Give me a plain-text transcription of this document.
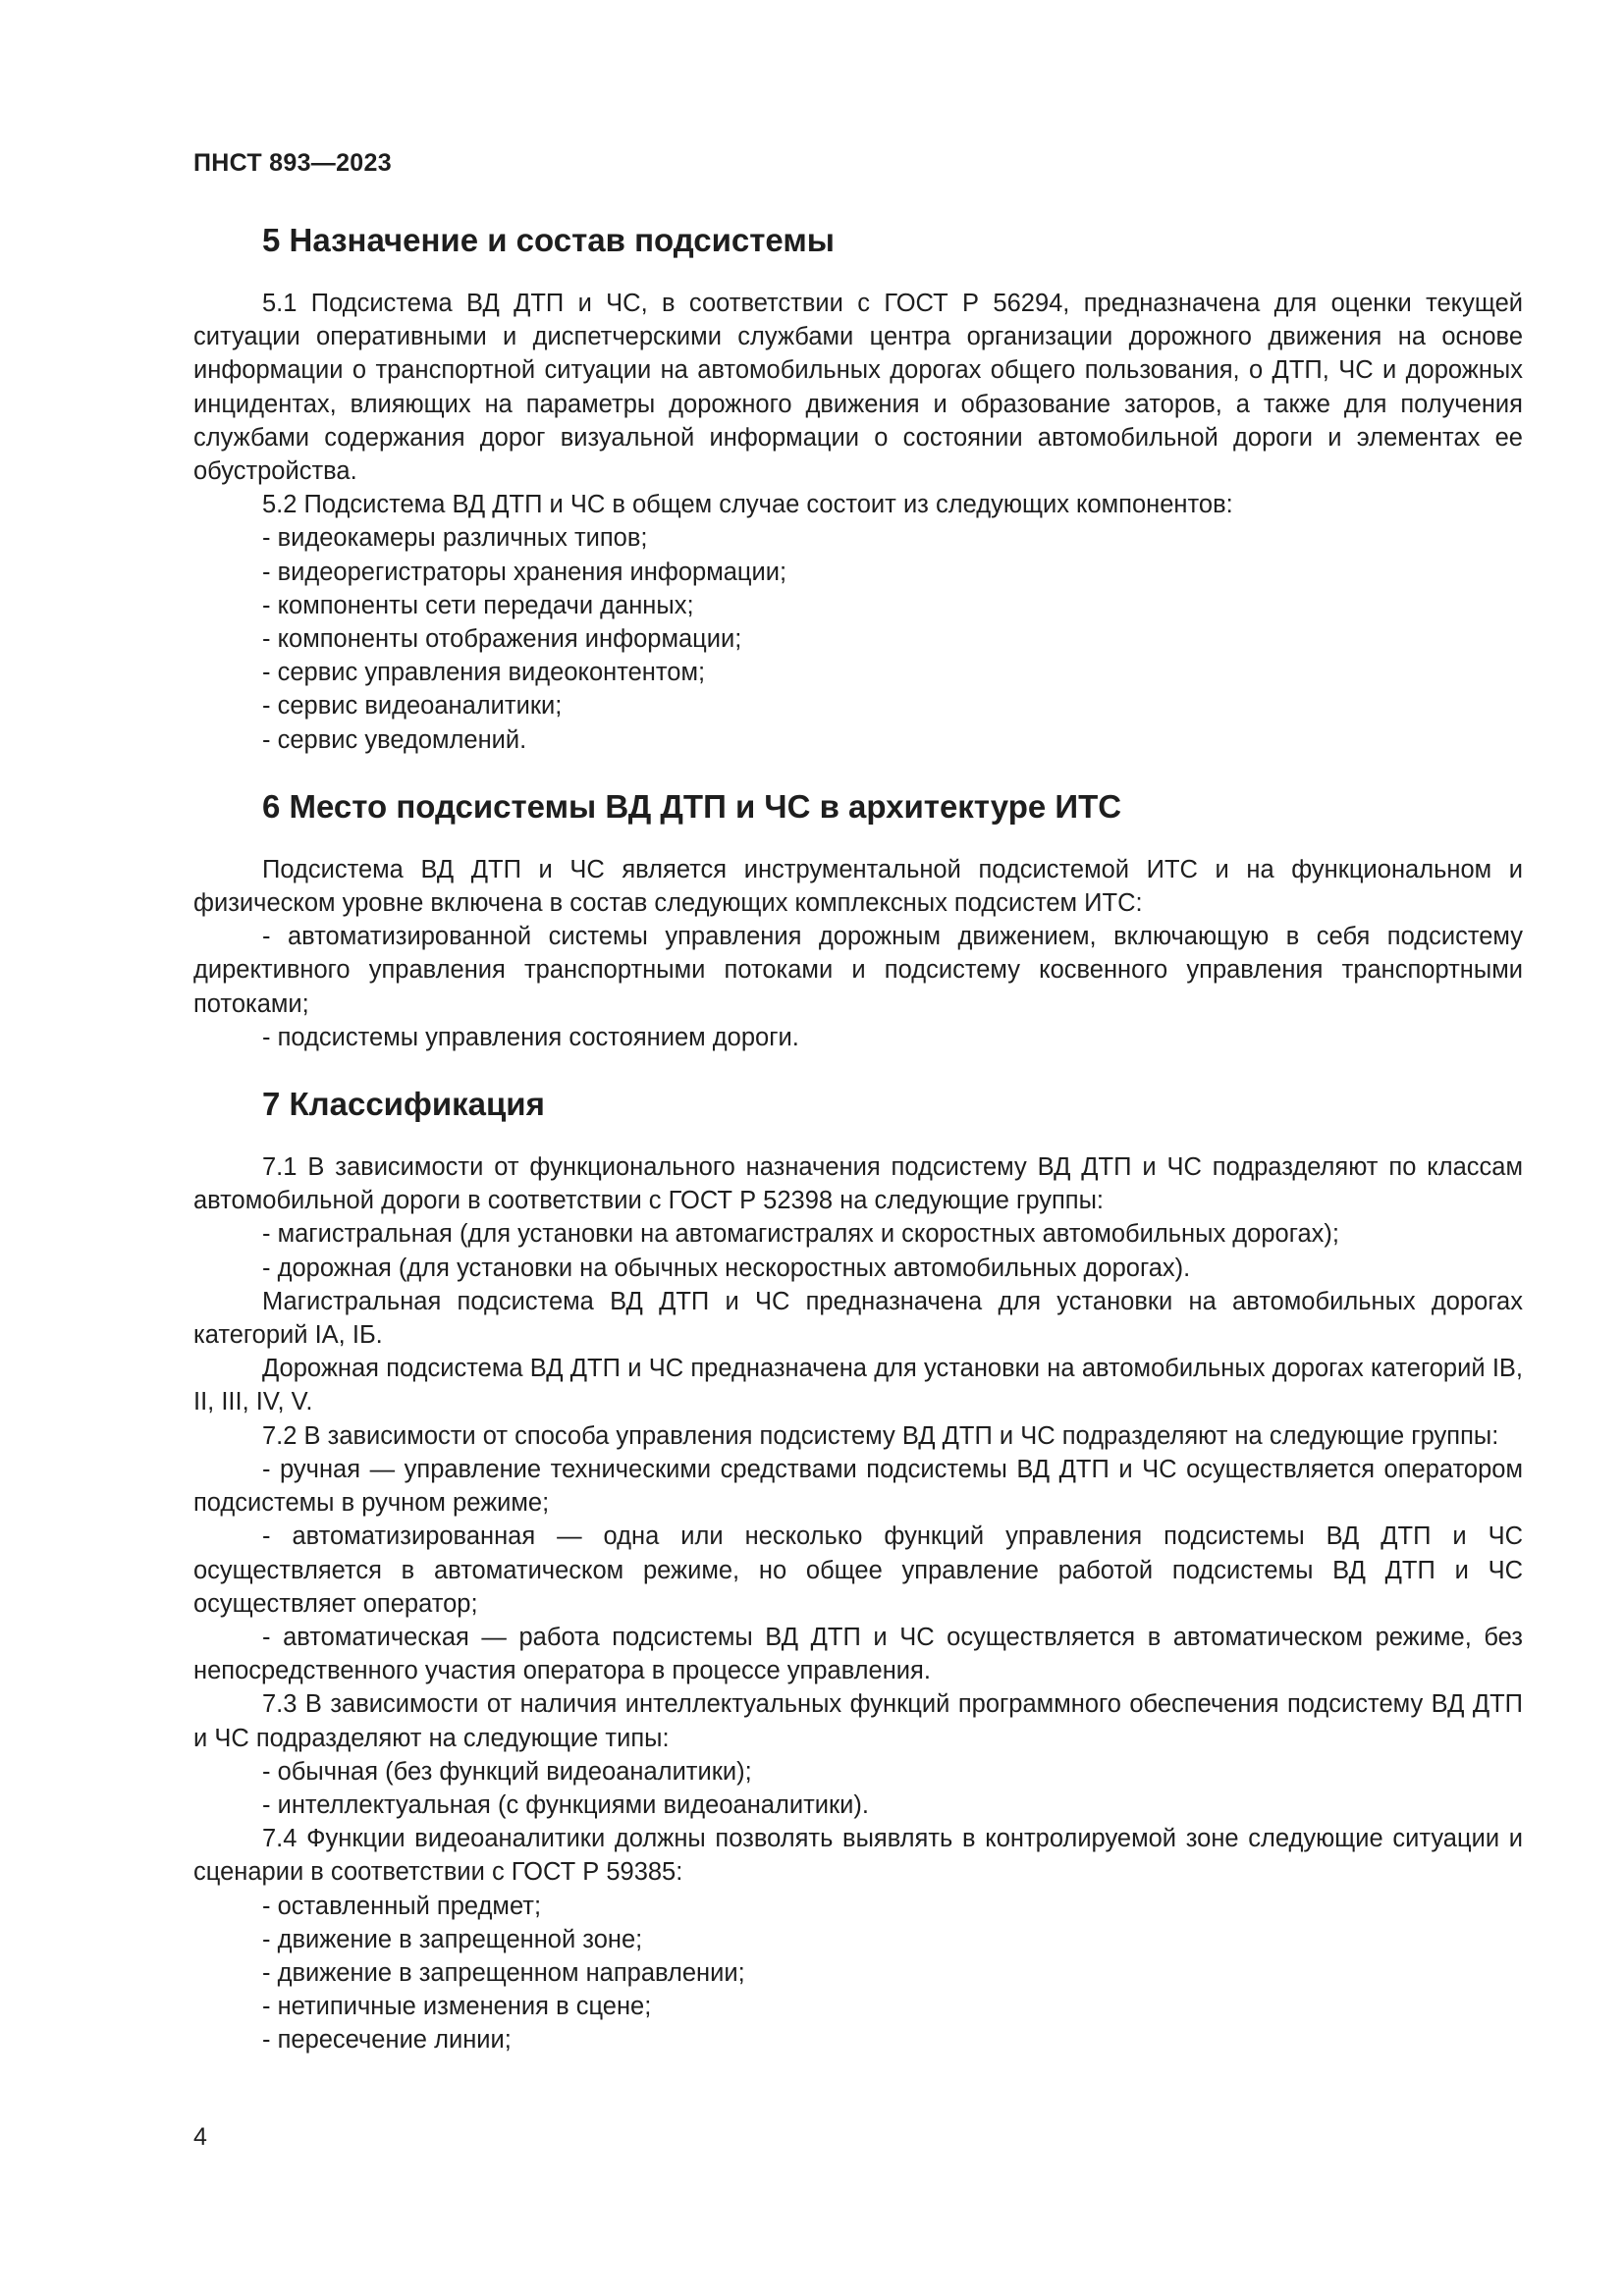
ПНСТ 893—2023
5 Назначение и состав подсистемы

5.1 Подсистема ВД ДТП и ЧС, в соответствии с ГОСТ Р 56294, предназначена для оценки текущей ситуации оперативными и диспетчерскими службами центра организации дорожного движения на основе информации о транспортной ситуации на автомобильных дорогах общего пользования, о ДТП, ЧС и дорожных инцидентах, влияющих на параметры дорожного движения и образование заторов, а также для получения службами содержания дорог визуальной информации о состоянии автомобильной дороги и элементах ее обустройства.

5.2 Подсистема ВД ДТП и ЧС в общем случае состоит из следующих компонентов:

- видеокамеры различных типов;

- видеорегистраторы хранения информации;

- компоненты сети передачи данных;

- компоненты отображения информации;

- сервис управления видеоконтентом;

- сервис видеоаналитики;

- сервис уведомлений.

6 Место подсистемы ВД ДТП и ЧС в архитектуре ИТС

Подсистема ВД ДТП и ЧС является инструментальной подсистемой ИТС и на функциональном и физическом уровне включена в состав следующих комплексных подсистем ИТС:

- автоматизированной системы управления дорожным движением, включающую в себя подсистему директивного управления транспортными потоками и подсистему косвенного управления транспортными потоками;

- подсистемы управления состоянием дороги.

7 Классификация

7.1 В зависимости от функционального назначения подсистему ВД ДТП и ЧС подразделяют по классам автомобильной дороги в соответствии с ГОСТ Р 52398 на следующие группы:

- магистральная (для установки на автомагистралях и скоростных автомобильных дорогах);

- дорожная (для установки на обычных нескоростных автомобильных дорогах).

Магистральная подсистема ВД ДТП и ЧС предназначена для установки на автомобильных дорогах категорий IA, IБ.

Дорожная подсистема ВД ДТП и ЧС предназначена для установки на автомобильных дорогах категорий IB, II, III, IV, V.

7.2 В зависимости от способа управления подсистему ВД ДТП и ЧС подразделяют на следующие группы:

- ручная — управление техническими средствами подсистемы ВД ДТП и ЧС осуществляется оператором подсистемы в ручном режиме;

- автоматизированная — одна или несколько функций управления подсистемы ВД ДТП и ЧС осуществляется в автоматическом режиме, но общее управление работой подсистемы ВД ДТП и ЧС осуществляет оператор;

- автоматическая — работа подсистемы ВД ДТП и ЧС осуществляется в автоматическом режиме, без непосредственного участия оператора в процессе управления.

7.3 В зависимости от наличия интеллектуальных функций программного обеспечения подсистему ВД ДТП и ЧС подразделяют на следующие типы:

- обычная (без функций видеоаналитики);

- интеллектуальная (с функциями видеоаналитики).

7.4 Функции видеоаналитики должны позволять выявлять в контролируемой зоне следующие ситуации и сценарии в соответствии с ГОСТ Р 59385:

- оставленный предмет;

- движение в запрещенной зоне;

- движение в запрещенном направлении;

- нетипичные изменения в сцене;

- пересечение линии;

4
